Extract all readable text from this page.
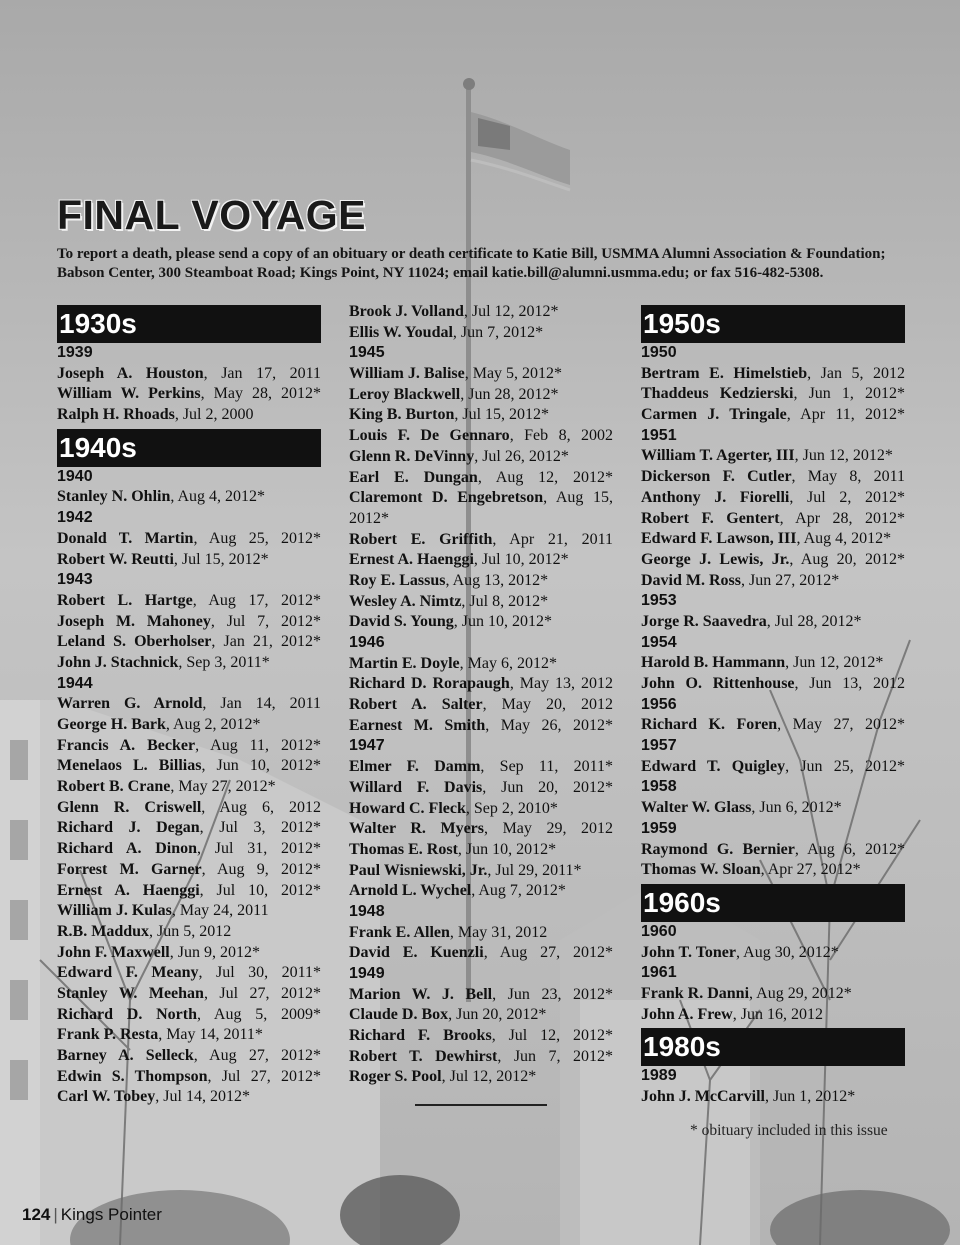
FINAL VOYAGE
To report a death, please send a copy of an obituary or death certificate to Katie Bill, USMMA Alumni Association & Foundation; Babson Center, 300 Steamboat Road; Kings Point, NY 11024; email katie.bill@alumni.usmma.edu; or fax 516-482-5308.
1930s
1939
Joseph A. Houston, Jan 17, 2011
William W. Perkins, May 28, 2012*
Ralph H. Rhoads, Jul 2, 2000
1940s
1940
Stanley N. Ohlin, Aug 4, 2012*
1942
Donald T. Martin, Aug 25, 2012*
Robert W. Reutti, Jul 15, 2012*
1943
Robert L. Hartge, Aug 17, 2012*
Joseph M. Mahoney, Jul 7, 2012*
Leland S. Oberholser, Jan 21, 2012*
John J. Stachnick, Sep 3, 2011*
1944
Warren G. Arnold, Jan 14, 2011
George H. Bark, Aug 2, 2012*
Francis A. Becker, Aug 11, 2012*
Menelaos L. Billias, Jun 10, 2012*
Robert B. Crane, May 27, 2012*
Glenn R. Criswell, Aug 6, 2012
Richard J. Degan, Jul 3, 2012*
Richard A. Dinon, Jul 31, 2012*
Forrest M. Garner, Aug 9, 2012*
Ernest A. Haenggi, Jul 10, 2012*
William J. Kulas, May 24, 2011
R.B. Maddux, Jun 5, 2012
John F. Maxwell, Jun 9, 2012*
Edward F. Meany, Jul 30, 2011*
Stanley W. Meehan, Jul 27, 2012*
Richard D. North, Aug 5, 2009*
Frank P. Resta, May 14, 2011*
Barney A. Selleck, Aug 27, 2012*
Edwin S. Thompson, Jul 27, 2012*
Carl W. Tobey, Jul 14, 2012*
Brook J. Volland, Jul 12, 2012*
Ellis W. Youdal, Jun 7, 2012*
1945
William J. Balise, May 5, 2012*
Leroy Blackwell, Jun 28, 2012*
King B. Burton, Jul 15, 2012*
Louis F. De Gennaro, Feb 8, 2002
Glenn R. DeVinny, Jul 26, 2012*
Earl E. Dungan, Aug 12, 2012*
Claremont D. Engebretson, Aug 15, 2012*
Robert E. Griffith, Apr 21, 2011
Ernest A. Haenggi, Jul 10, 2012*
Roy E. Lassus, Aug 13, 2012*
Wesley A. Nimtz, Jul 8, 2012*
David S. Young, Jun 10, 2012*
1946
Martin E. Doyle, May 6, 2012*
Richard D. Rorapaugh, May 13, 2012
Robert A. Salter, May 20, 2012
Earnest M. Smith, May 26, 2012*
1947
Elmer F. Damm, Sep 11, 2011*
Willard F. Davis, Jun 20, 2012*
Howard C. Fleck, Sep 2, 2010*
Walter R. Myers, May 29, 2012
Thomas E. Rost, Jun 10, 2012*
Paul Wisniewski, Jr., Jul 29, 2011*
Arnold L. Wychel, Aug 7, 2012*
1948
Frank E. Allen, May 31, 2012
David E. Kuenzli, Aug 27, 2012*
1949
Marion W. J. Bell, Jun 23, 2012*
Claude D. Box, Jun 20, 2012*
Richard F. Brooks, Jul 12, 2012*
Robert T. Dewhirst, Jun 7, 2012*
Roger S. Pool, Jul 12, 2012*
1950s
1950
Bertram E. Himelstieb, Jan 5, 2012
Thaddeus Kedzierski, Jun 1, 2012*
Carmen J. Tringale, Apr 11, 2012*
1951
William T. Agerter, III, Jun 12, 2012*
Dickerson F. Cutler, May 8, 2011
Anthony J. Fiorelli, Jul 2, 2012*
Robert F. Gentert, Apr 28, 2012*
Edward F. Lawson, III, Aug 4, 2012*
George J. Lewis, Jr., Aug 20, 2012*
David M. Ross, Jun 27, 2012*
1953
Jorge R. Saavedra, Jul 28, 2012*
1954
Harold B. Hammann, Jun 12, 2012*
John O. Rittenhouse, Jun 13, 2012
1956
Richard K. Foren, May 27, 2012*
1957
Edward T. Quigley, Jun 25, 2012*
1958
Walter W. Glass, Jun 6, 2012*
1959
Raymond G. Bernier, Aug 6, 2012*
Thomas W. Sloan, Apr 27, 2012*
1960s
1960
John T. Toner, Aug 30, 2012*
1961
Frank R. Danni, Aug 29, 2012*
John A. Frew, Jun 16, 2012
1980s
1989
John J. McCarvill, Jun 1, 2012*
* obituary included in this issue
124 | Kings Pointer
